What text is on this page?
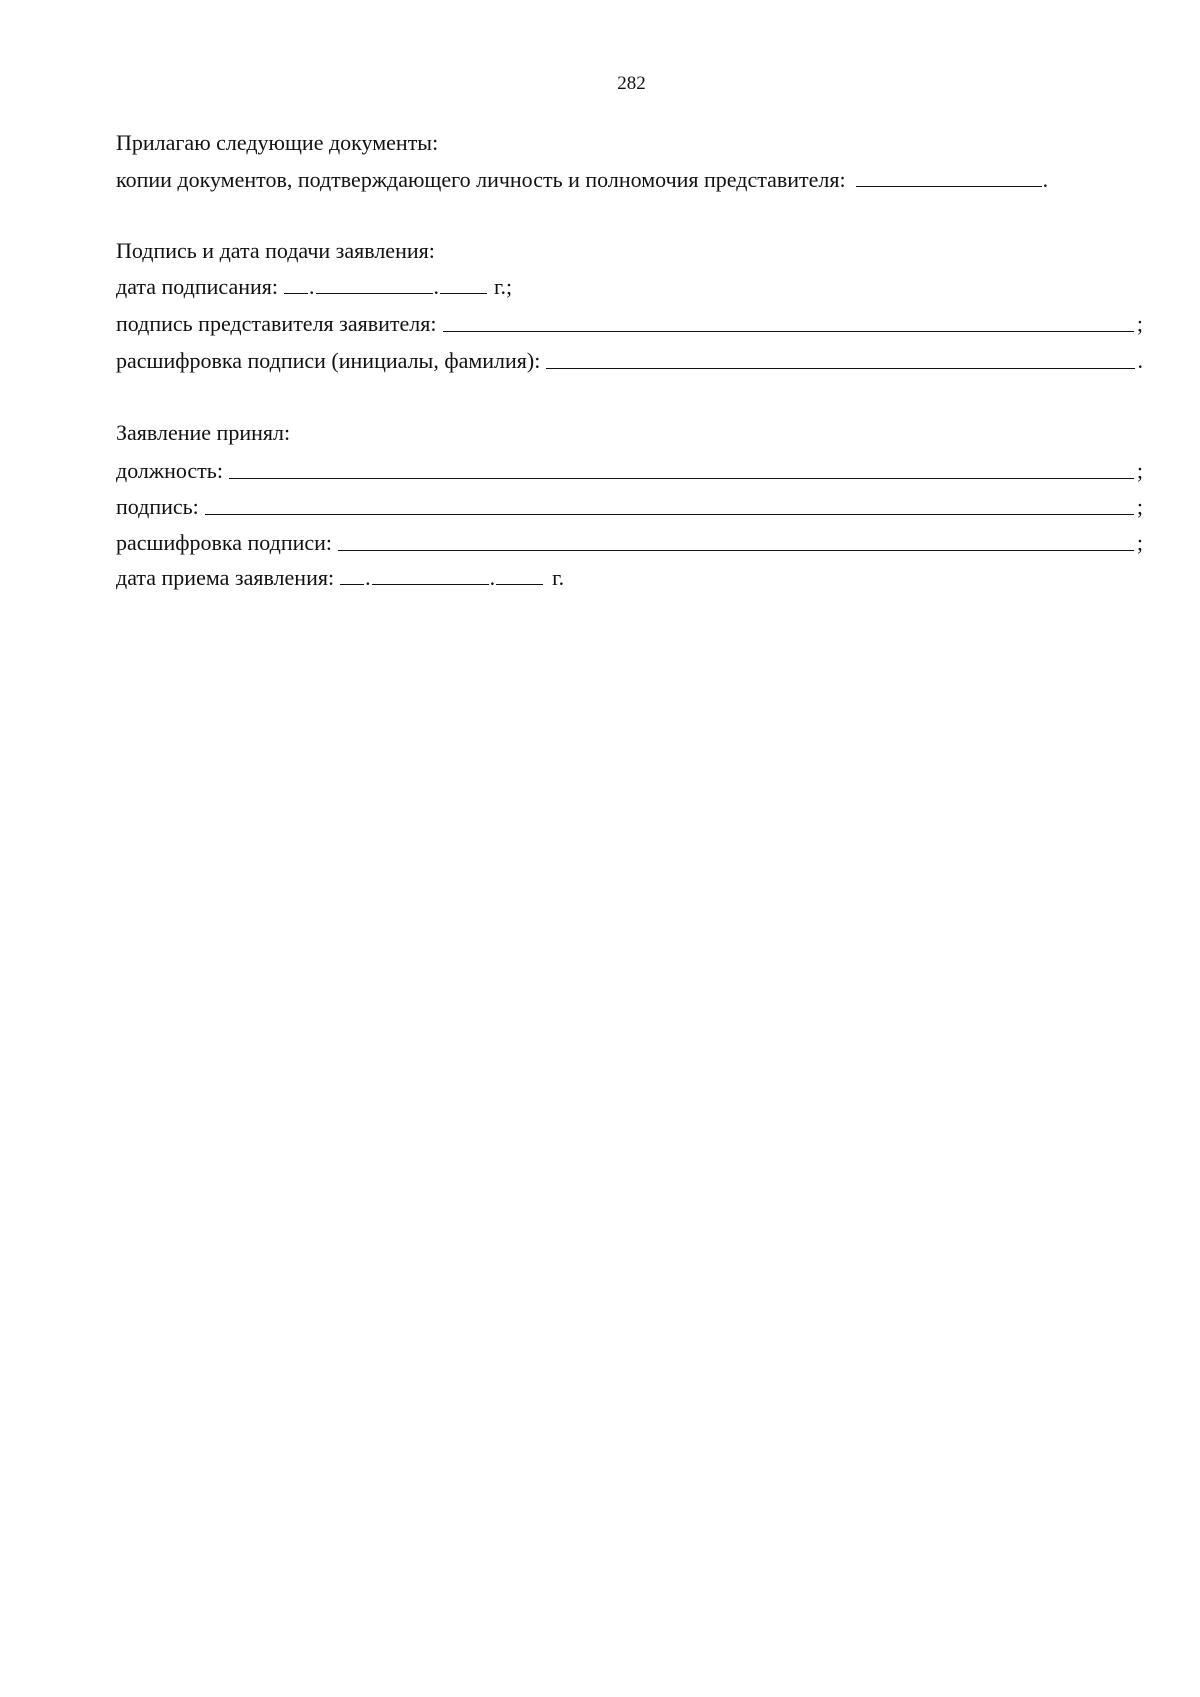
282
Прилагаю следующие документы:
копии документов, подтверждающего личность и полномочия представителя:	.
Подпись и дата подачи заявления:
дата подписания: .	.	г.;
подпись представителя заявителя:	;
расшифровка подписи (инициалы, фамилия):	.
Заявление принял:
должность:	;
подпись:	;
расшифровка подписи:	;
дата приема заявления: .	.	г.
